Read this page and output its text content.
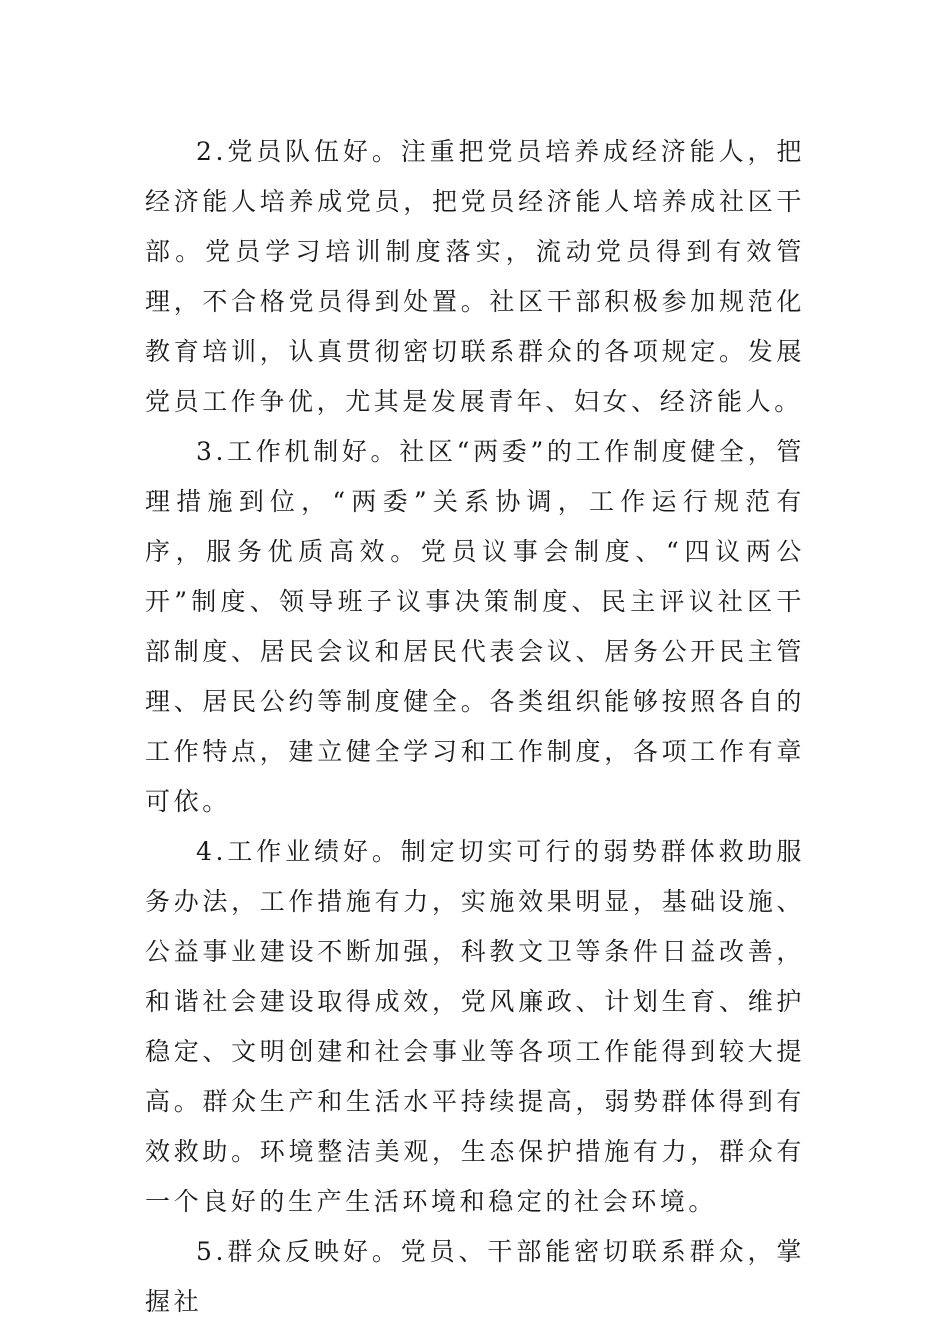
2.党员队伍好。注重把党员培养成经济能人，把经济能人培养成党员，把党员经济能人培养成社区干部。党员学习培训制度落实，流动党员得到有效管理，不合格党员得到处置。社区干部积极参加规范化教育培训，认真贯彻密切联系群众的各项规定。发展党员工作争优，尤其是发展青年、妇女、经济能人。

3.工作机制好。社区“两委”的工作制度健全，管理措施到位，“两委”关系协调，工作运行规范有序，服务优质高效。党员议事会制度、“四议两公开”制度、领导班子议事决策制度、民主评议社区干部制度、居民会议和居民代表会议、居务公开民主管理、居民公约等制度健全。各类组织能够按照各自的工作特点，建立健全学习和工作制度，各项工作有章可依。

4.工作业绩好。制定切实可行的弱势群体救助服务办法，工作措施有力，实施效果明显，基础设施、公益事业建设不断加强，科教文卫等条件日益改善，和谐社会建设取得成效，党风廉政、计划生育、维护稳定、文明创建和社会事业等各项工作能得到较大提高。群众生产和生活水平持续提高，弱势群体得到有效救助。环境整洁美观，生态保护措施有力，群众有一个良好的生产生活环境和稳定的社会环境。

5.群众反映好。党员、干部能密切联系群众，掌握社
